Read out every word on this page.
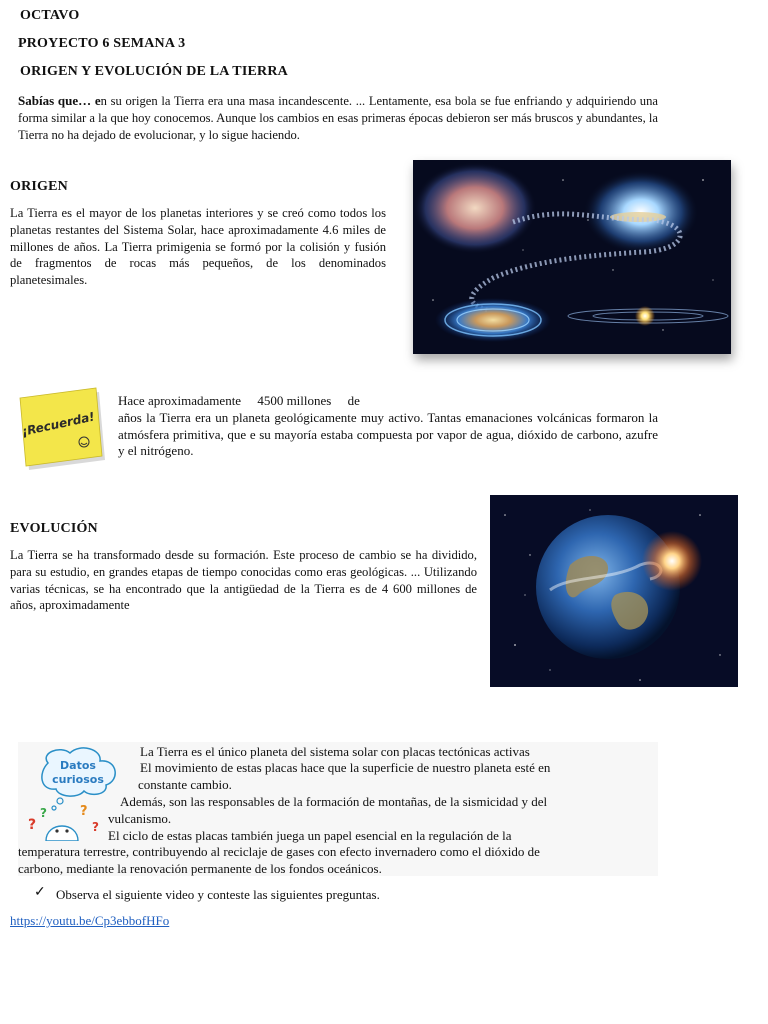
OCTAVO
PROYECTO 6 SEMANA 3
ORIGEN Y EVOLUCIÓN DE LA TIERRA
Sabías que… en su origen la Tierra era una masa incandescente. ... Lentamente, esa bola se fue enfriando y adquiriendo una forma similar a la que hoy conocemos. Aunque los cambios en esas primeras épocas debieron ser más bruscos y abundantes, la Tierra no ha dejado de evolucionar, y lo sigue haciendo.
ORIGEN
La Tierra es el mayor de los planetas interiores y se creó como todos los planetas restantes del Sistema Solar, hace aproximadamente 4.6 miles de millones de años. La Tierra primigenia se formó por la colisión y fusión de fragmentos de rocas más pequeños, de los denominados planetesimales.
¡Recuerda!
Hace aproximadamente     4500 millones     de
años la Tierra era un planeta geológicamente muy activo. Tantas emanaciones volcánicas formaron la atmósfera primitiva, que e su mayoría estaba compuesta por vapor de agua, dióxido de carbono, azufre y el nitrógeno.
EVOLUCIÓN
La Tierra se ha transformado desde su formación. Este proceso de cambio se ha dividido, para su estudio, en grandes etapas de tiempo conocidas como eras geológicas. ... Utilizando varias técnicas, se ha encontrado que la antigüedad de la Tierra es de 4 600 millones de años, aproximadamente
Datos
curiosos
?
?	?
?
La Tierra es el único planeta del sistema solar con placas tectónicas activas
El movimiento de estas placas hace que la superficie de nuestro planeta esté en
constante cambio.
Además, son las responsables de la formación de montañas, de la sismicidad y del
vulcanismo.
El ciclo de estas placas también juega un papel esencial en la regulación de la
temperatura terrestre, contribuyendo al reciclaje de gases con efecto invernadero como el dióxido de
carbono, mediante la renovación permanente de los fondos oceánicos.
✓ Observa el siguiente video y conteste las siguientes preguntas.
https://youtu.be/Cp3ebbofHFo
